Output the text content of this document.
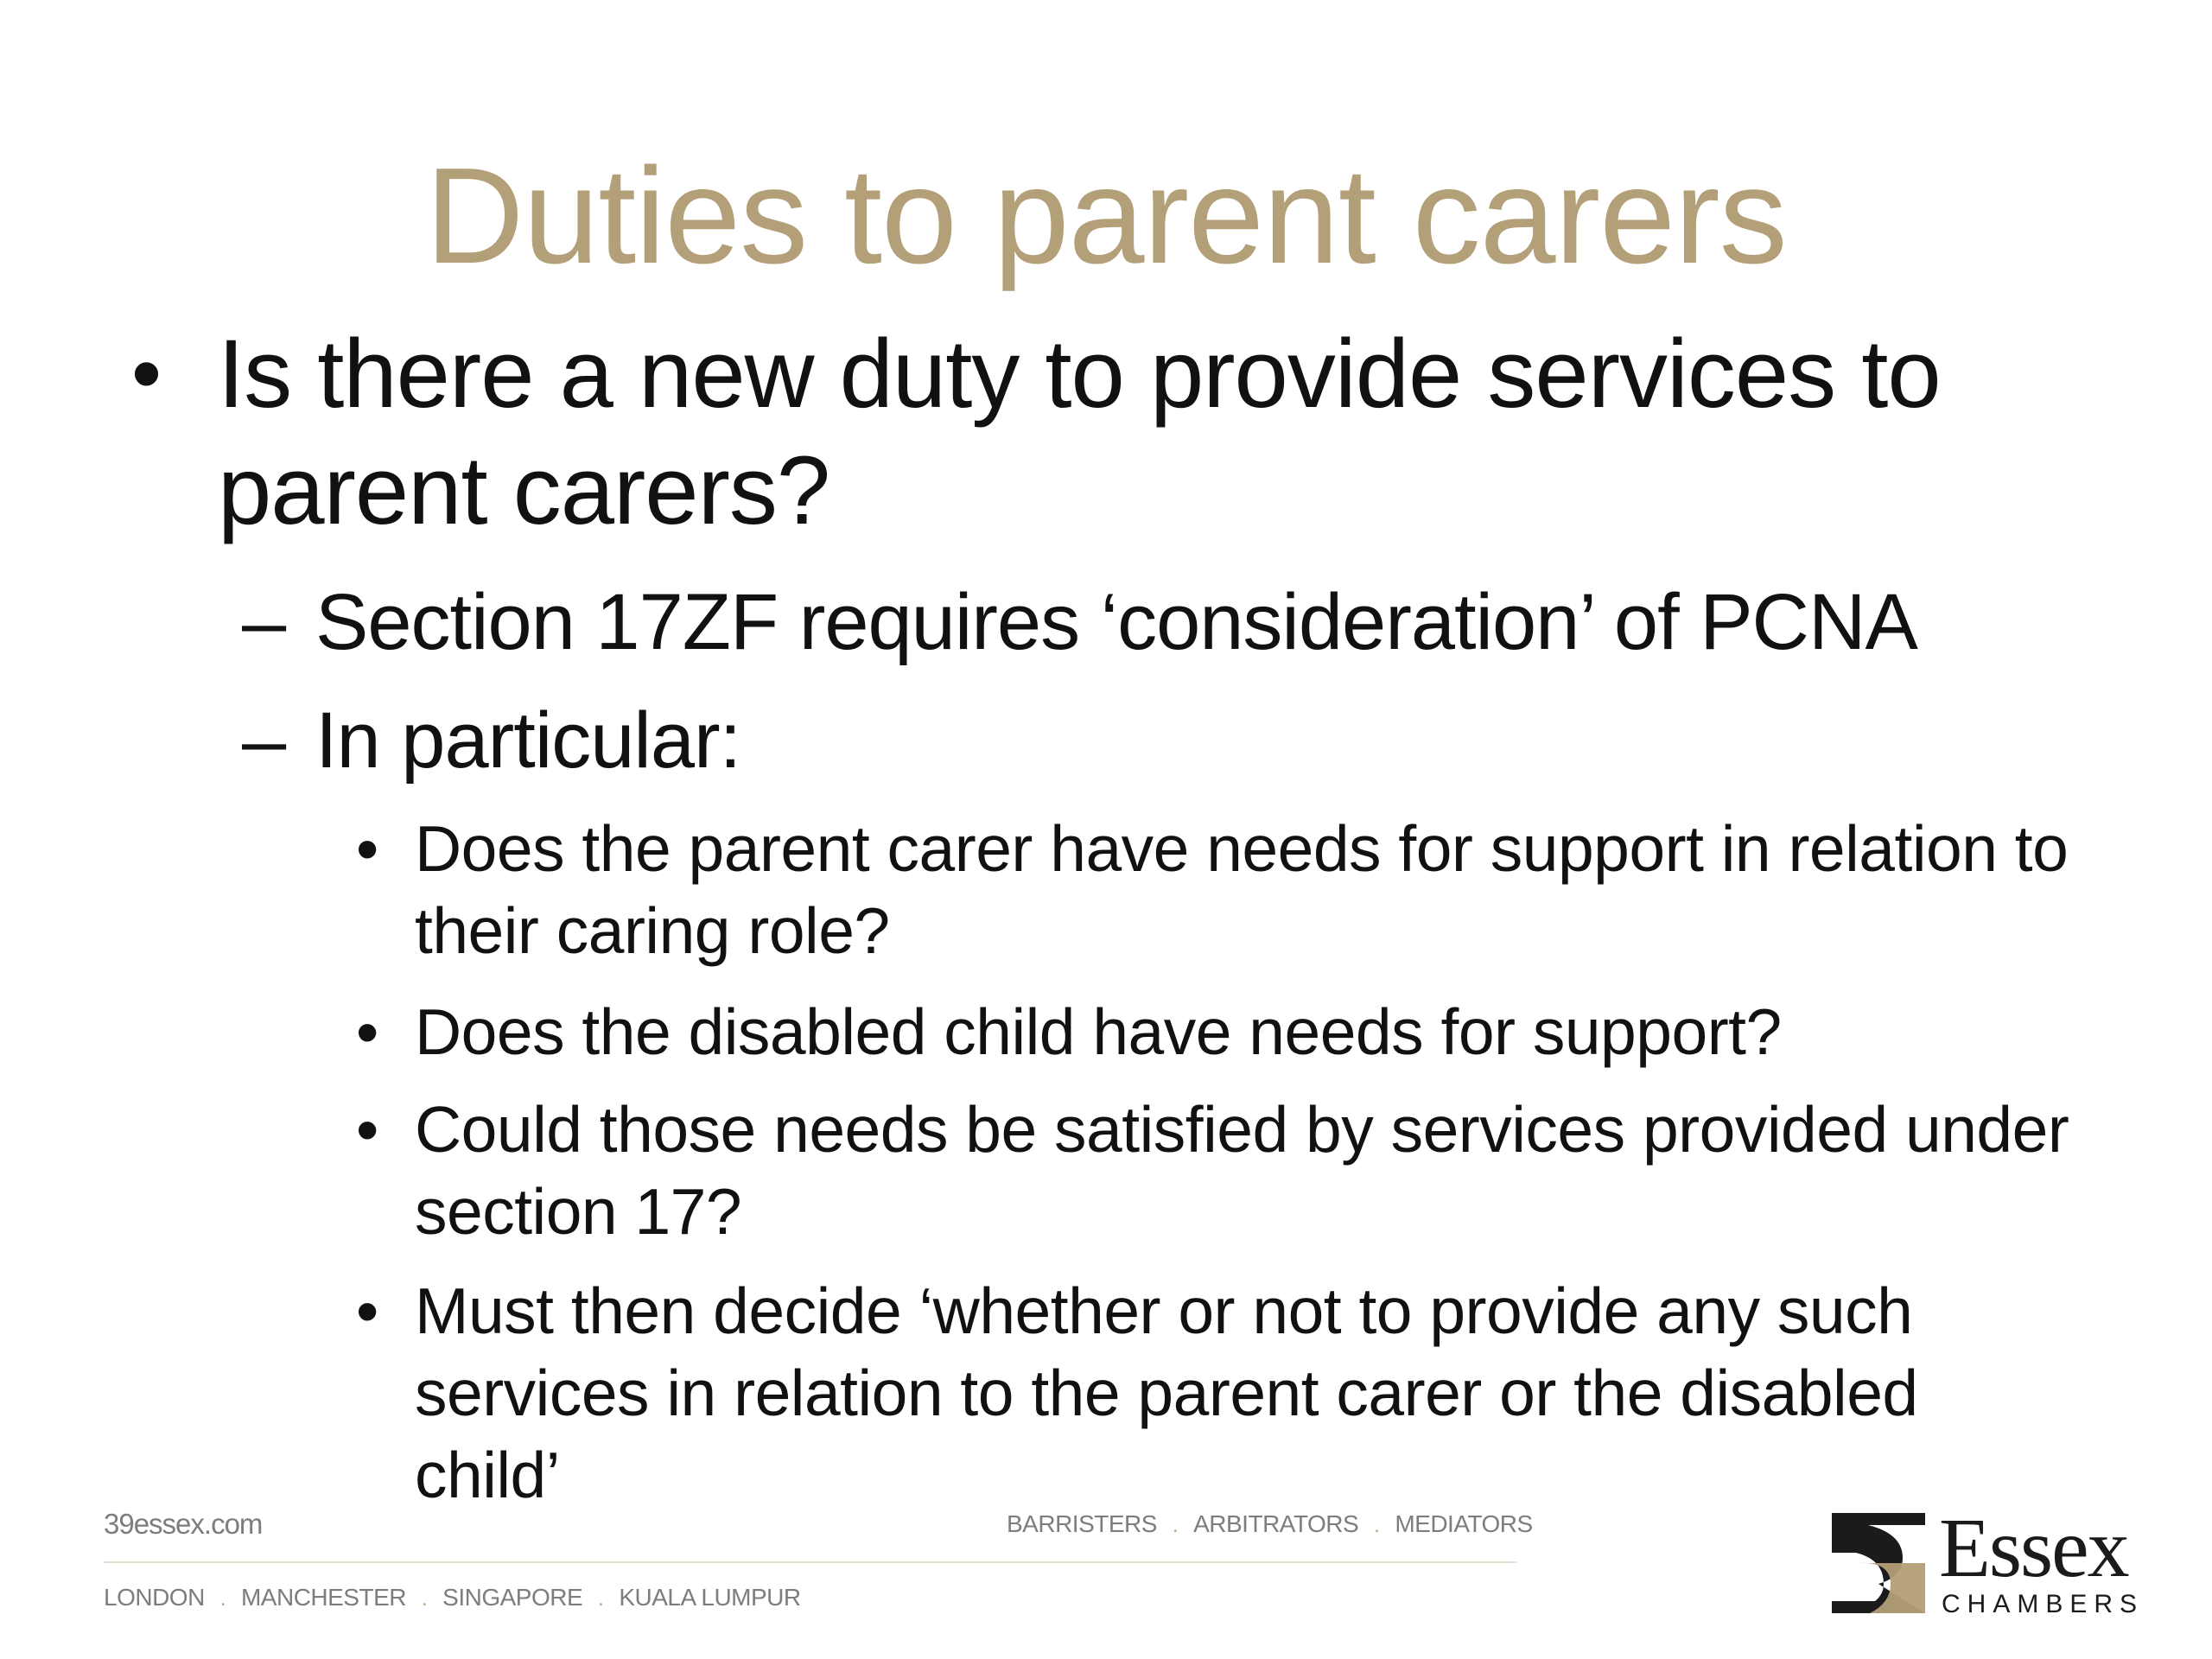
Duties to parent carers
• Is there a new duty to provide services to parent carers?
– Section 17ZF requires ‘consideration’ of PCNA
– In particular:
• Does the parent carer have needs for support in relation to their caring role?
• Does the disabled child have needs for support?
• Could those needs be satisfied by services provided under section 17?
• Must then decide ‘whether or not to provide any such services in relation to the parent carer or the disabled child’
39essex.com	BARRISTERS . ARBITRATORS . MEDIATORS
LONDON . MANCHESTER . SINGAPORE . KUALA LUMPUR
Essex
CHAMBERS
